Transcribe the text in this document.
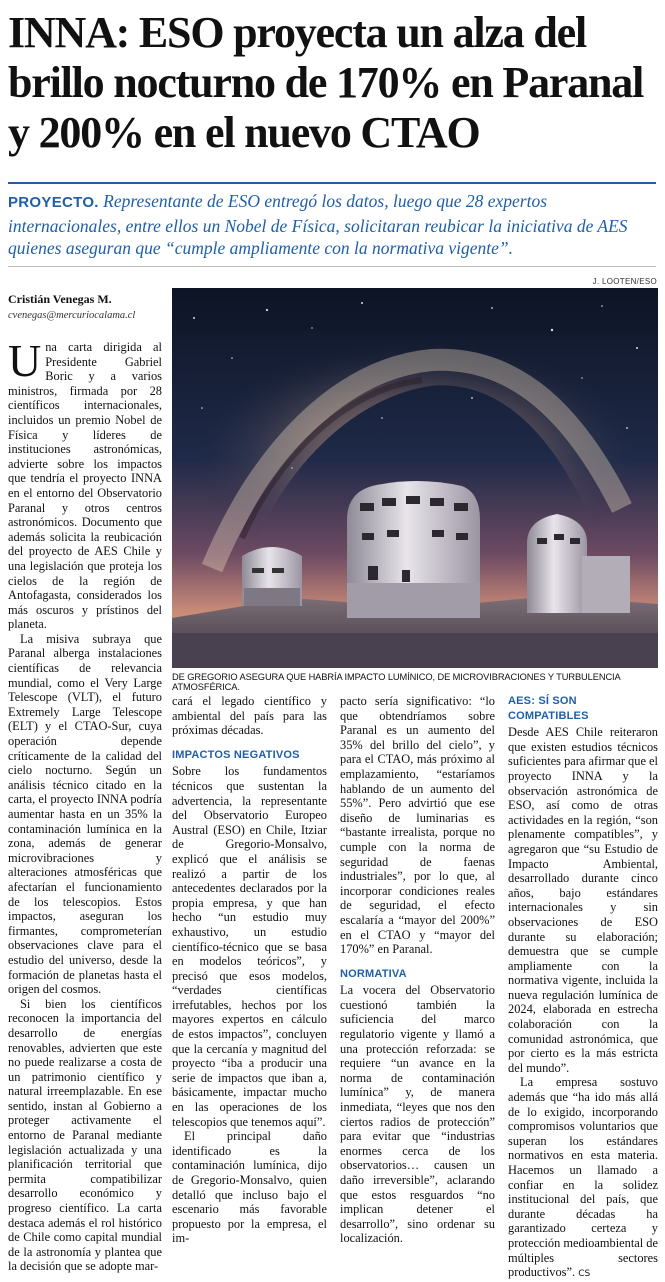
INNA: ESO proyecta un alza del brillo nocturno de 170% en Paranal y 200% en el nuevo CTAO

PROYECTO. Representante de ESO entregó los datos, luego que 28 expertos internacionales, entre ellos un Nobel de Física, solicitaran reubicar la iniciativa de AES quienes aseguran que “cumple ampliamente con la normativa vigente”.

J. LOOTEN/ESO
Cristián Venegas M.
cvenegas@mercuriocalama.cl
DE GREGORIO ASEGURA QUE HABRÍA IMPACTO LUMÍNICO, DE MICROVIBRACIONES Y TURBULENCIA ATMOSFÉRICA.

Una carta dirigida al Presidente Gabriel Boric y a varios ministros, firmada por 28 científicos internacionales, incluidos un premio Nobel de Física y líderes de instituciones astronómicas, advierte sobre los impactos que tendría el proyecto INNA en el entorno del Observatorio Paranal y otros centros astronómicos. Documento que además solicita la reubicación del proyecto de AES Chile y una legislación que proteja los cielos de la región de Antofagasta, considerados los más oscuros y prístinos del planeta.

La misiva subraya que Paranal alberga instalaciones científicas de relevancia mundial, como el Very Large Telescope (VLT), el futuro Extremely Large Telescope (ELT) y el CTAO-Sur, cuya operación depende críticamente de la calidad del cielo nocturno. Según un análisis técnico citado en la carta, el proyecto INNA podría aumentar hasta en un 35% la contaminación lumínica en la zona, además de generar microvibraciones y alteraciones atmosféricas que afectarían el funcionamiento de los telescopios. Estos impactos, aseguran los firmantes, comprometerían observaciones clave para el estudio del universo, desde la formación de planetas hasta el origen del cosmos.

Si bien los científicos reconocen la importancia del desarrollo de energías renovables, advierten que este no puede realizarse a costa de un patrimonio científico y natural irreemplazable. En ese sentido, instan al Gobierno a proteger activamente el entorno de Paranal mediante legislación actualizada y una planificación territorial que permita compatibilizar desarrollo económico y progreso científico. La carta destaca además el rol histórico de Chile como capital mundial de la astronomía y plantea que la decisión que se adopte mar-

cará el legado científico y ambiental del país para las próximas décadas.

IMPACTOS NEGATIVOS

Sobre los fundamentos técnicos que sustentan la advertencia, la representante del Observatorio Europeo Austral (ESO) en Chile, Itziar de Gregorio-Monsalvo, explicó que el análisis se realizó a partir de los antecedentes declarados por la propia empresa, y que han hecho “un estudio muy exhaustivo, un estudio científico-técnico que se basa en modelos teóricos”, y precisó que esos modelos, “verdades científicas irrefutables, hechos por los mayores expertos en cálculo de estos impactos”, concluyen que la cercanía y magnitud del proyecto “iba a producir una serie de impactos que iban a, básicamente, impactar mucho en las operaciones de los telescopios que tenemos aquí”.

El principal daño identificado es la contaminación lumínica, dijo de Gregorio-Monsalvo, quien detalló que incluso bajo el escenario más favorable propuesto por la empresa, el im-

pacto sería significativo: “lo que obtendríamos sobre Paranal es un aumento del 35% del brillo del cielo”, y para el CTAO, más próximo al emplazamiento, “estaríamos hablando de un aumento del 55%”. Pero advirtió que ese diseño de luminarias es “bastante irrealista, porque no cumple con la norma de seguridad de faenas industriales”, por lo que, al incorporar condiciones reales de seguridad, el efecto escalaría a “mayor del 200%” en el CTAO y “mayor del 170%” en Paranal.

NORMATIVA

La vocera del Observatorio cuestionó también la suficiencia del marco regulatorio vigente y llamó a una protección reforzada: se requiere “un avance en la norma de contaminación lumínica” y, de manera inmediata, “leyes que nos den ciertos radios de protección” para evitar que “industrias enormes cerca de los observatorios… causen un daño irreversible”, aclarando que estos resguardos “no implican detener el desarrollo”, sino ordenar su localización.

AES: SÍ SON COMPATIBLES

Desde AES Chile reiteraron que existen estudios técnicos suficientes para afirmar que el proyecto INNA y la observación astronómica de ESO, así como de otras actividades en la región, “son plenamente compatibles”, y agregaron que “su Estudio de Impacto Ambiental, desarrollado durante cinco años, bajo estándares internacionales y sin observaciones de ESO durante su elaboración; demuestra que se cumple ampliamente con la normativa vigente, incluida la nueva regulación lumínica de 2024, elaborada en estrecha colaboración con la comunidad astronómica, que por cierto es la más estricta del mundo”.

La empresa sostuvo además que “ha ido más allá de lo exigido, incorporando compromisos voluntarios que superan los estándares normativos en esta materia. Hacemos un llamado a confiar en la solidez institucional del país, que durante décadas ha garantizado certeza y protección medioambiental de múltiples sectores productivos”. CS
